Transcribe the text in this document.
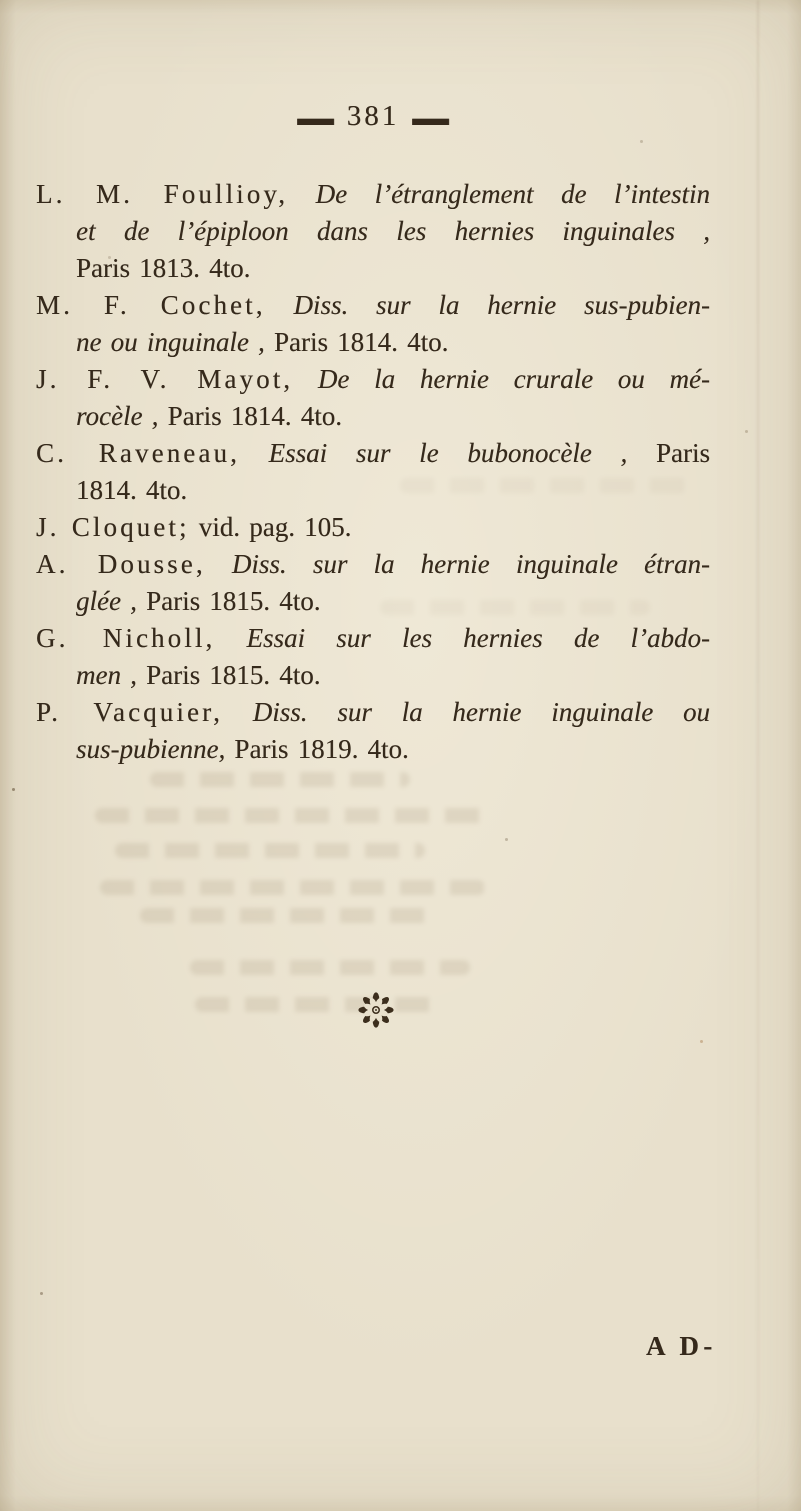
— 381 —
L. M. Foullioy, De l’étranglement de l’intestin
et de l’épiploon dans les hernies inguinales ,
Paris 1813. 4to.
M. F. Cochet, Diss. sur la hernie sus-pubien-
ne ou inguinale , Paris 1814. 4to.
J. F. V. Mayot, De la hernie crurale ou mé-
rocèle , Paris 1814. 4to.
C. Raveneau, Essai sur le bubonocèle , Paris
1814. 4to.
J. Cloquet; vid. pag. 105.
A. Dousse, Diss. sur la hernie inguinale étran-
glée , Paris 1815. 4to.
G. Nicholl, Essai sur les hernies de l’abdo-
men , Paris 1815. 4to.
P. Vacquier, Diss. sur la hernie inguinale ou
sus-pubienne, Paris 1819. 4to.
A D-
